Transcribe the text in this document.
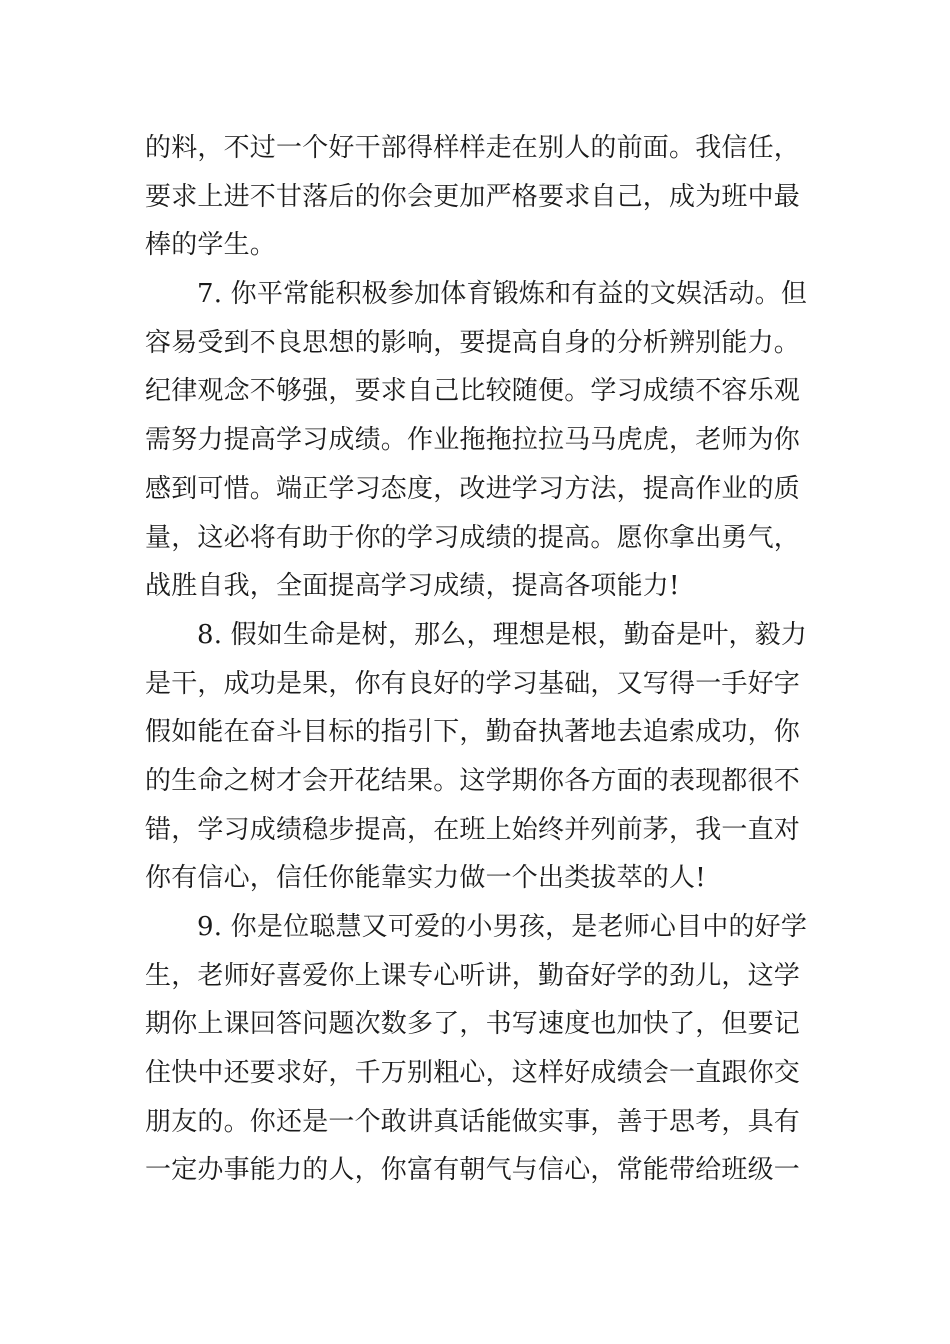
的料，不过一个好干部得样样走在别人的前面。我信任，
要求上进不甘落后的你会更加严格要求自己，成为班中最
棒的学生。
7. 你平常能积极参加体育锻炼和有益的文娱活动。但
容易受到不良思想的影响，要提高自身的分析辨别能力。
纪律观念不够强，要求自己比较随便。学习成绩不容乐观
需努力提高学习成绩。作业拖拖拉拉马马虎虎，老师为你
感到可惜。端正学习态度，改进学习方法，提高作业的质
量，这必将有助于你的学习成绩的提高。愿你拿出勇气，
战胜自我，全面提高学习成绩，提高各项能力!
8. 假如生命是树，那么，理想是根，勤奋是叶，毅力
是干，成功是果，你有良好的学习基础，又写得一手好字
假如能在奋斗目标的指引下，勤奋执著地去追索成功，你
的生命之树才会开花结果。这学期你各方面的表现都很不
错，学习成绩稳步提高，在班上始终并列前茅，我一直对
你有信心，信任你能靠实力做一个出类拔萃的人!
9. 你是位聪慧又可爱的小男孩，是老师心目中的好学
生，老师好喜爱你上课专心听讲，勤奋好学的劲儿，这学
期你上课回答问题次数多了，书写速度也加快了，但要记
住快中还要求好，千万别粗心，这样好成绩会一直跟你交
朋友的。你还是一个敢讲真话能做实事，善于思考，具有
一定办事能力的人，你富有朝气与信心，常能带给班级一
